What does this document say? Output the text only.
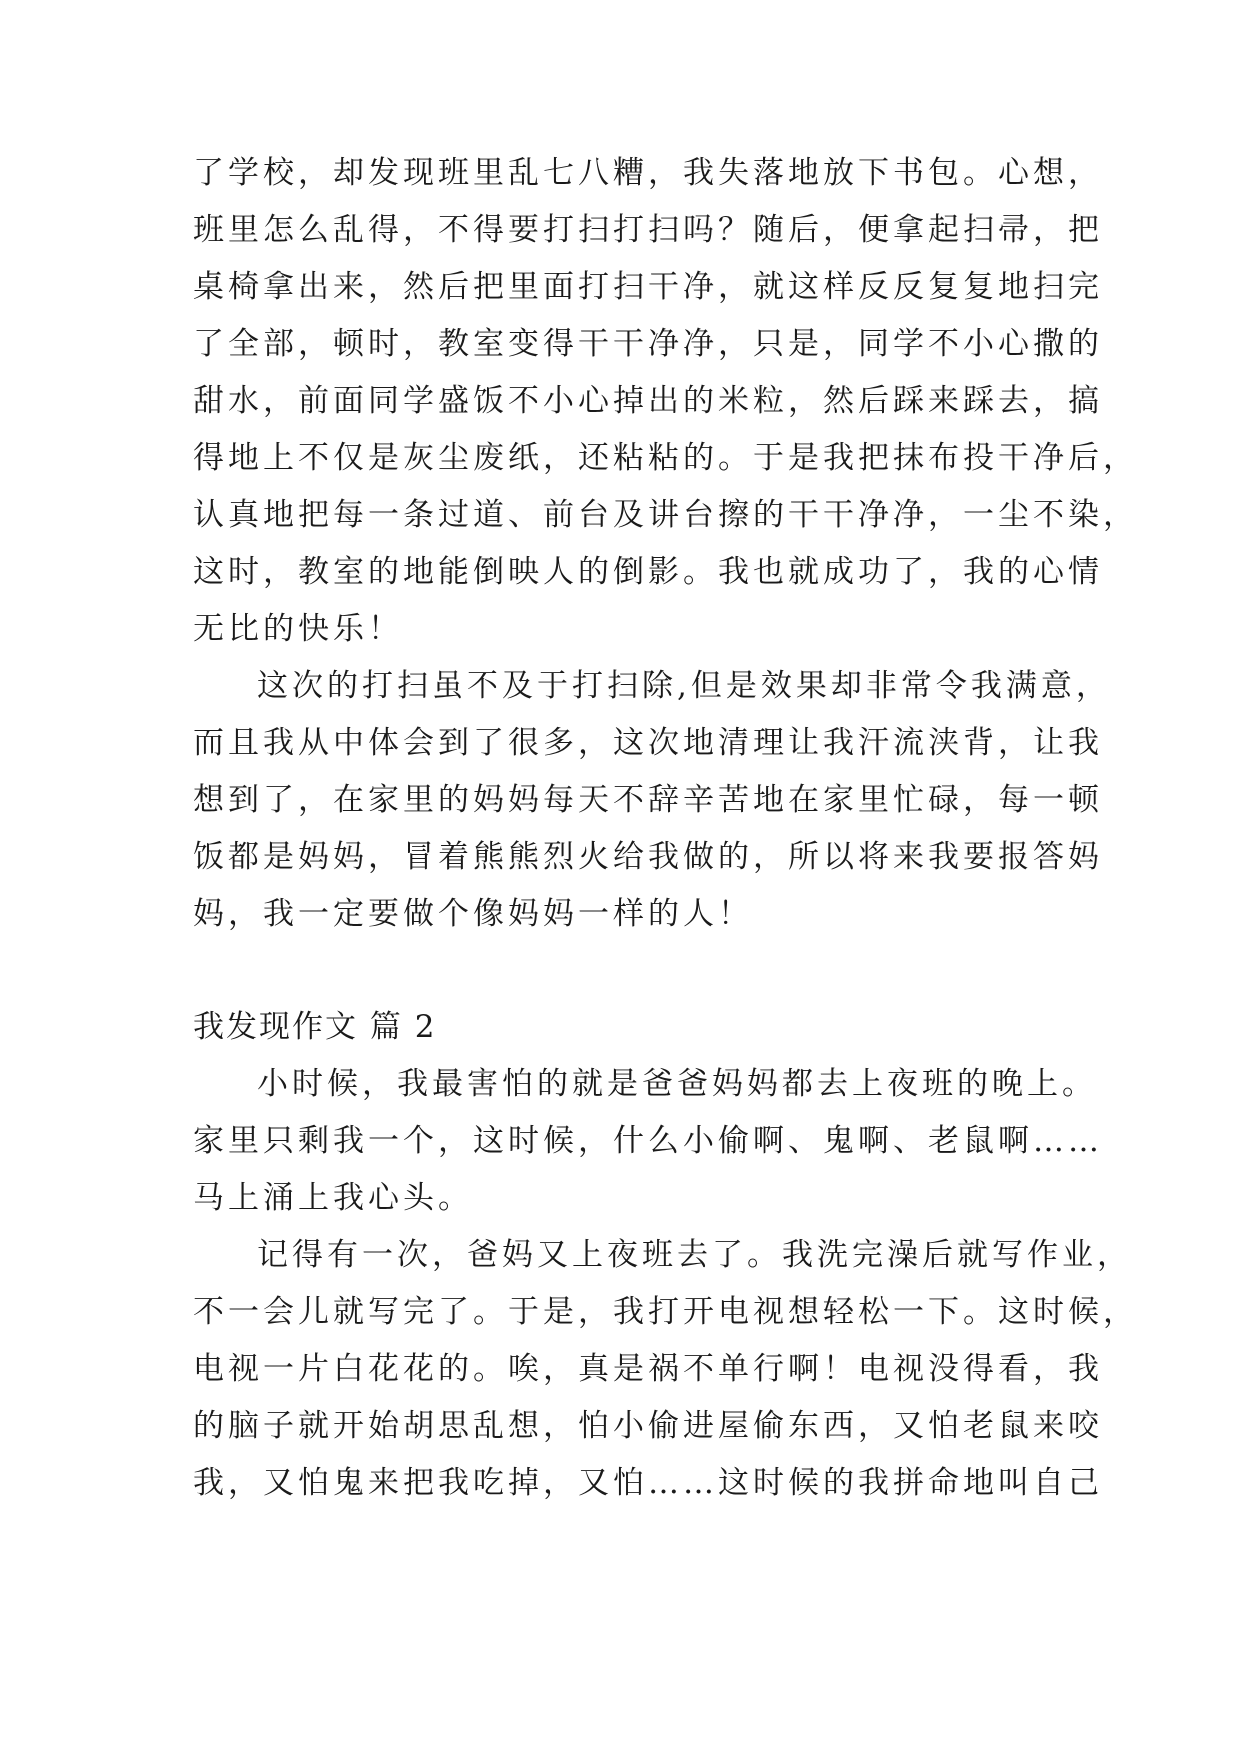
了学校，却发现班里乱七八糟，我失落地放下书包。心想，
班里怎么乱得，不得要打扫打扫吗？随后，便拿起扫帚，把
桌椅拿出来，然后把里面打扫干净，就这样反反复复地扫完
了全部，顿时，教室变得干干净净，只是，同学不小心撒的
甜水，前面同学盛饭不小心掉出的米粒，然后踩来踩去，搞
得地上不仅是灰尘废纸，还粘粘的。于是我把抹布投干净后，
认真地把每一条过道、前台及讲台擦的干干净净，一尘不染，
这时，教室的地能倒映人的倒影。我也就成功了，我的心情
无比的快乐！
这次的打扫虽不及于打扫除,但是效果却非常令我满意，
而且我从中体会到了很多，这次地清理让我汗流浃背，让我
想到了，在家里的妈妈每天不辞辛苦地在家里忙碌，每一顿
饭都是妈妈，冒着熊熊烈火给我做的，所以将来我要报答妈
妈，我一定要做个像妈妈一样的人！
我发现作文 篇 2
小时候，我最害怕的就是爸爸妈妈都去上夜班的晚上。
家里只剩我一个，这时候，什么小偷啊、鬼啊、老鼠啊……
马上涌上我心头。
记得有一次，爸妈又上夜班去了。我洗完澡后就写作业，
不一会儿就写完了。于是，我打开电视想轻松一下。这时候，
电视一片白花花的。唉，真是祸不单行啊！电视没得看，我
的脑子就开始胡思乱想，怕小偷进屋偷东西，又怕老鼠来咬
我，又怕鬼来把我吃掉，又怕……这时候的我拼命地叫自己
